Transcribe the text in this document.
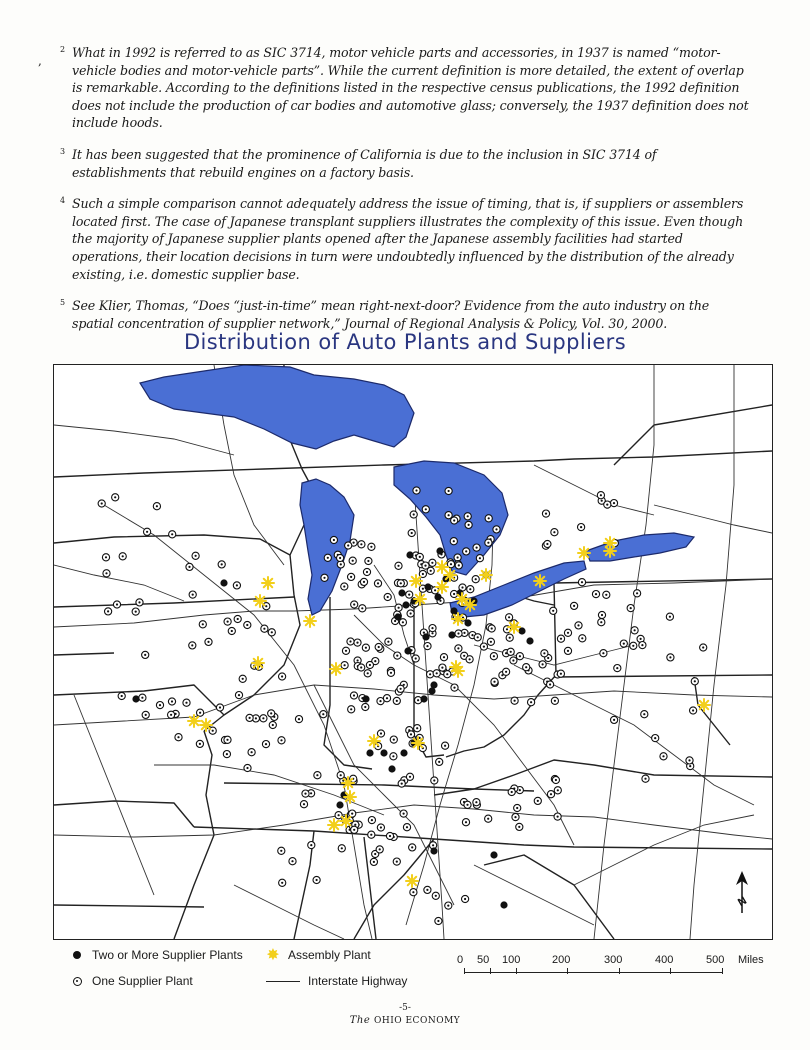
,

2 What in 1992 is referred to as SIC 3714, motor vehicle parts and accessories, in 1937 is named “motor-vehicle bodies and motor-vehicle parts”. While the current definition is more detailed, the extent of overlap is remarkable. According to the definitions listed in the respective census publications, the 1992 definition does not include the production of car bodies and automotive glass; conversely, the 1937 definition does not include hoods.

3 It has been suggested that the prominence of California is due to the inclusion in SIC 3714 of establishments that rebuild engines on a factory basis.

4 Such a simple comparison cannot adequately address the issue of timing, that is, if suppliers or assemblers located first. The case of Japanese transplant suppliers illustrates the complexity of this issue. Even though the majority of Japanese supplier plants opened after the Japanese assembly facilities had started operations, their location decisions in turn were undoubtedly influenced by the distribution of the already existing, i.e. domestic supplier base.

5 See Klier, Thomas, “Does “just-in-time” mean right-next-door? Evidence from the auto industry on the spatial concentration of supplier network,” Journal of Regional Analysis & Policy, Vol. 30, 2000.

Distribution of Auto Plants and Suppliers
N
Two or More Supplier Plants
One Supplier Plant
✸ Assembly Plant
Interstate Highway
0 50 100	200	300	400	500 Miles
-5-
The OHIO ECONOMY
